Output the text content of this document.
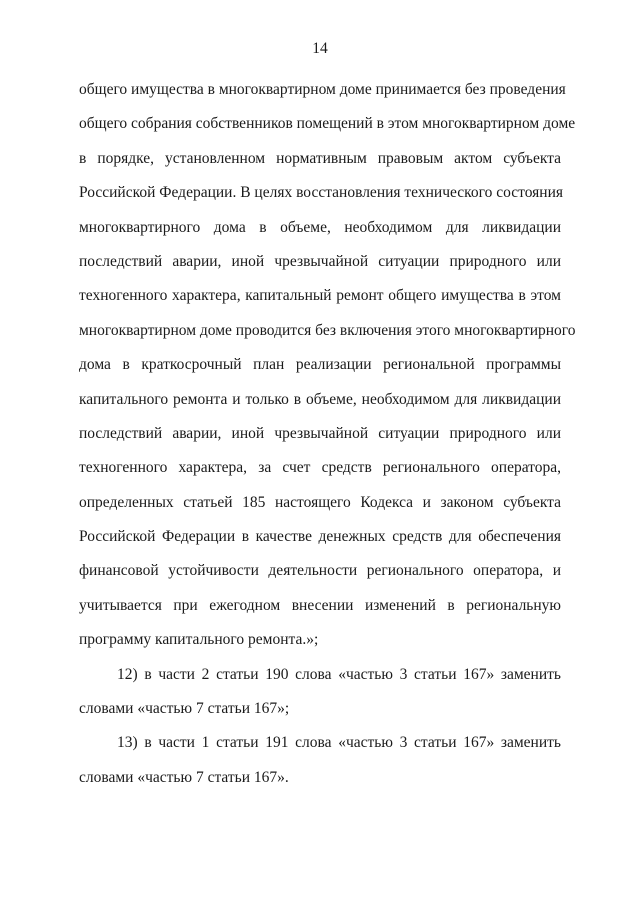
14
общего имущества в многоквартирном доме принимается без проведения
общего собрания собственников помещений в этом многоквартирном доме
в порядке, установленном нормативным правовым актом субъекта
Российской Федерации. В целях восстановления технического состояния
многоквартирного дома в объеме, необходимом для ликвидации
последствий аварии, иной чрезвычайной ситуации природного или
техногенного характера, капитальный ремонт общего имущества в этом
многоквартирном доме проводится без включения этого многоквартирного
дома в краткосрочный план реализации региональной программы
капитального ремонта и только в объеме, необходимом для ликвидации
последствий аварии, иной чрезвычайной ситуации природного или
техногенного характера, за счет средств регионального оператора,
определенных статьей 185 настоящего Кодекса и законом субъекта
Российской Федерации в качестве денежных средств для обеспечения
финансовой устойчивости деятельности регионального оператора, и
учитывается при ежегодном внесении изменений в региональную
программу капитального ремонта.»;
12) в части 2 статьи 190 слова «частью 3 статьи 167» заменить
словами «частью 7 статьи 167»;
13) в части 1 статьи 191 слова «частью 3 статьи 167» заменить
словами «частью 7 статьи 167».
